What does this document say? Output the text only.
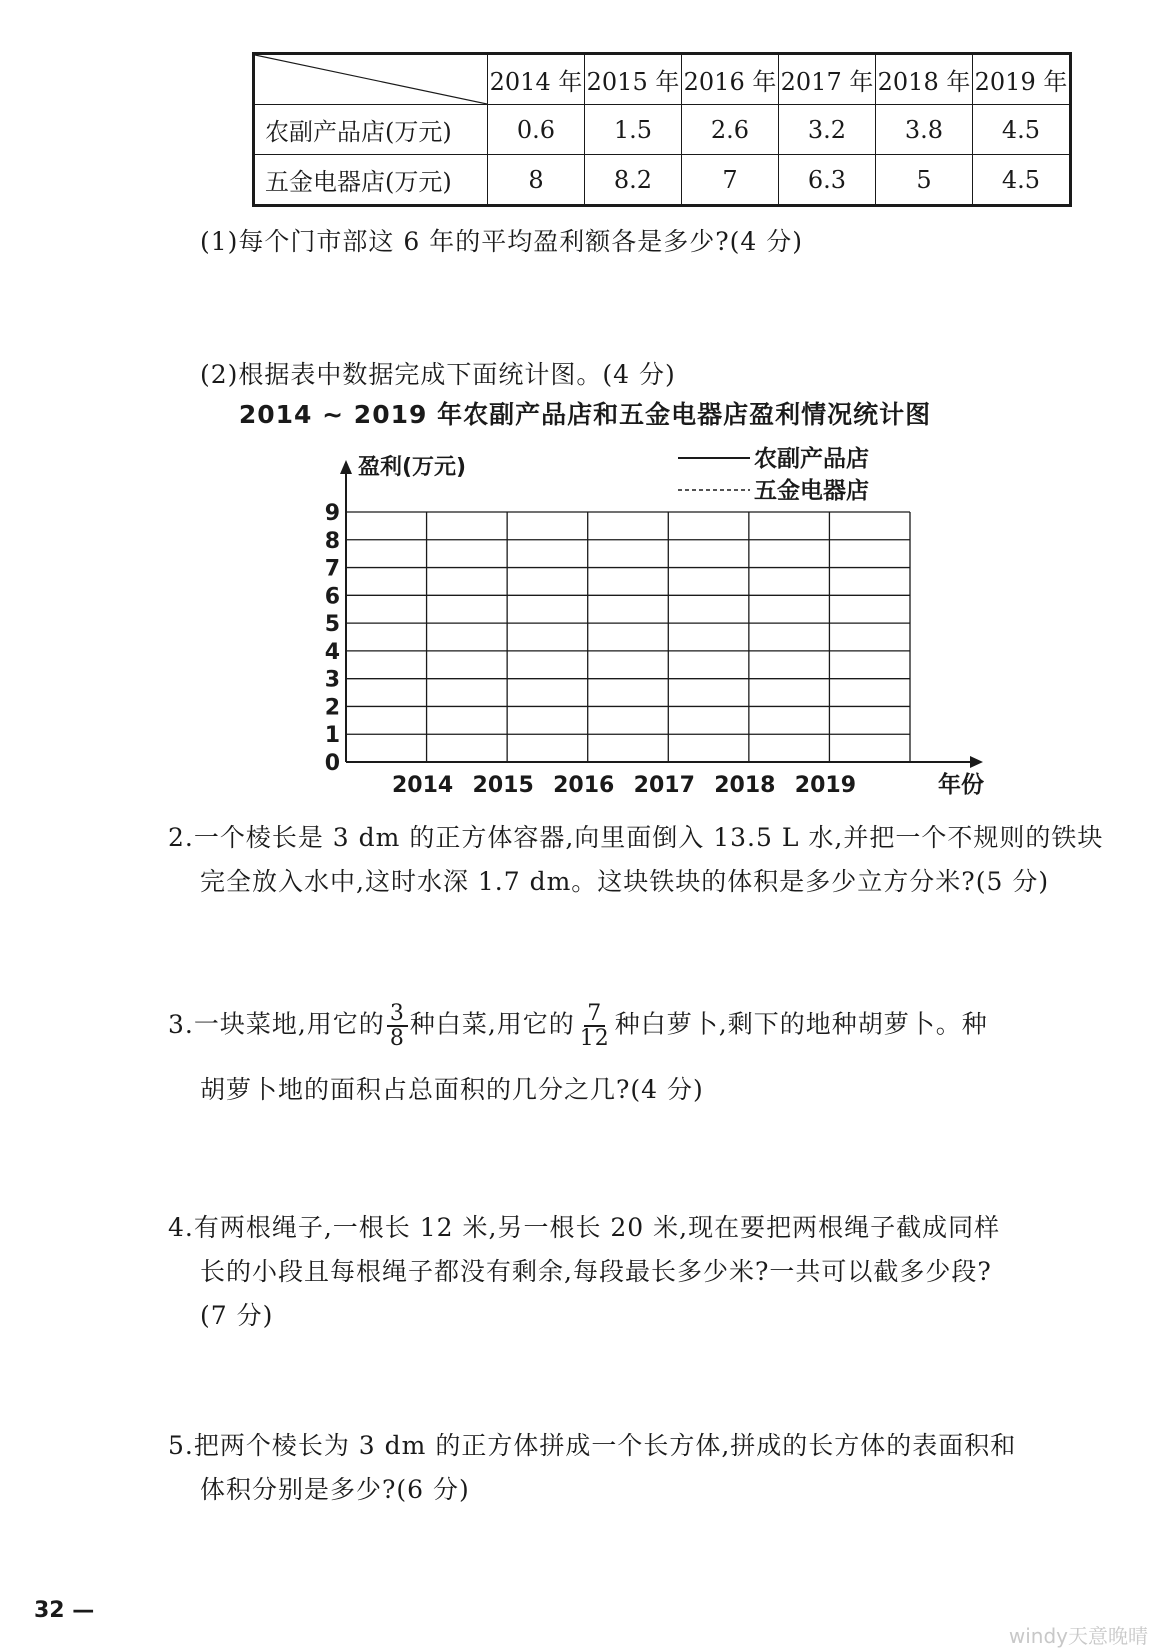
	2014 年	2015 年	2016 年	2017 年	2018 年	2019 年
农副产品店(万元)	0.6	1.5	2.6	3.2	3.8	4.5
五金电器店(万元)	8	8.2	7	6.3	5	4.5
(1)每个门市部这 6 年的平均盈利额各是多少?(4 分)
(2)根据表中数据完成下面统计图。(4 分)
2014 ~ 2019 年农副产品店和五金电器店盈利情况统计图
0
1
2
3
4
5
6
7
8
9
2014 2015 2016 2017 2018 2019
盈利(万元)
年份
农副产品店
五金电器店
2.一个棱长是 3 dm 的正方体容器,向里面倒入 13.5 L 水,并把一个不规则的铁块
完全放入水中,这时水深 1.7 dm。这块铁块的体积是多少立方分米?(5 分)
3.一块菜地,用它的 $\frac{3}{8}$ 种白菜,用它的 $\frac{7}{12}$ 种白萝卜,剩下的地种胡萝卜。种
胡萝卜地的面积占总面积的几分之几?(4 分)
4.有两根绳子,一根长 12 米,另一根长 20 米,现在要把两根绳子截成同样
长的小段且每根绳子都没有剩余,每段最长多少米?一共可以截多少段?
(7 分)
5.把两个棱长为 3 dm 的正方体拼成一个长方体,拼成的长方体的表面积和
体积分别是多少?(6 分)
32 —
windy天意晚晴
